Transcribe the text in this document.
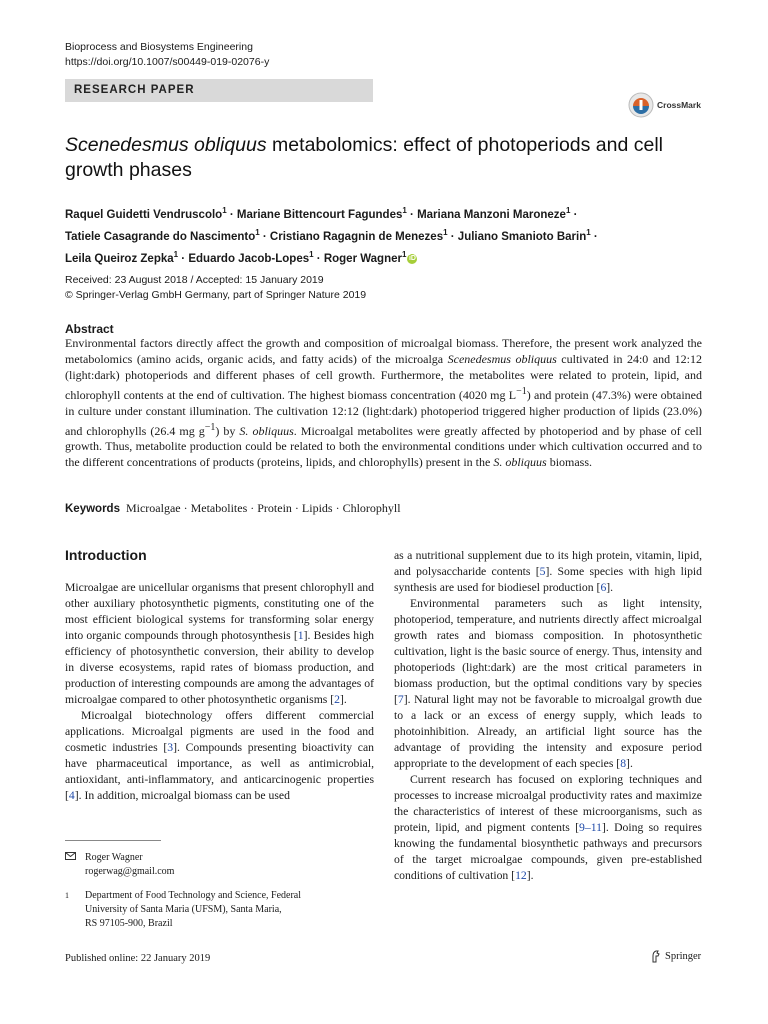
Bioprocess and Biosystems Engineering
https://doi.org/10.1007/s00449-019-02076-y
RESEARCH PAPER
CrossMark
Scenedesmus obliquus metabolomics: effect of photoperiods and cell growth phases
Raquel Guidetti Vendruscolo$^1$ · Mariane Bittencourt Fagundes$^1$ · Mariana Manzoni Maroneze$^1$ ·
Tatiele Casagrande do Nascimento$^1$ · Cristiano Ragagnin de Menezes$^1$ · Juliano Smanioto Barin$^1$ ·
Leila Queiroz Zepka$^1$ · Eduardo Jacob-Lopes$^1$ · Roger Wagner$^1$iD
Received: 23 August 2018 / Accepted: 15 January 2019
© Springer-Verlag GmbH Germany, part of Springer Nature 2019
Abstract
Environmental factors directly affect the growth and composition of microalgal biomass. Therefore, the present work analyzed the metabolomics (amino acids, organic acids, and fatty acids) of the microalga Scenedesmus obliquus cultivated in 24:0 and 12:12 (light:dark) photoperiods and different phases of cell growth. Furthermore, the metabolites were related to protein, lipid, and chlorophyll contents at the end of cultivation. The highest biomass concentration (4020 mg $L^{-1}$) and protein (47.3%) were obtained in culture under constant illumination. The cultivation 12:12 (light:dark) photoperiod triggered higher production of lipids (23.0%) and chlorophylls (26.4 mg $g^{-1}$) by S. obliquus. Microalgal metabolites were greatly affected by photoperiod and by phase of cell growth. Thus, metabolite production could be related to both the environmental conditions under which cultivation occurred and to the different concentrations of products (proteins, lipids, and chlorophylls) present in the S. obliquus biomass.
Keywords Microalgae · Metabolites · Protein · Lipids · Chlorophyll
Introduction

Microalgae are unicellular organisms that present chlorophyll and other auxiliary photosynthetic pigments, constituting one of the most efficient biological systems for transforming solar energy into organic compounds through photosynthesis [1]. Besides high efficiency of photosynthetic conversion, their ability to develop in diverse ecosystems, rapid rates of biomass production, and production of interesting compounds are among the advantages of microalgae compared to other photosynthetic organisms [2].

Microalgal biotechnology offers different commercial applications. Microalgal pigments are used in the food and cosmetic industries [3]. Compounds presenting bioactivity can have pharmaceutical importance, as well as antimicrobial, antioxidant, anti-inflammatory, and anticarcinogenic properties [4]. In addition, microalgal biomass can be used

as a nutritional supplement due to its high protein, vitamin, lipid, and polysaccharide contents [5]. Some species with high lipid synthesis are used for biodiesel production [6].

Environmental parameters such as light intensity, photoperiod, temperature, and nutrients directly affect microalgal growth rates and biomass composition. In photosynthetic cultivation, light is the basic source of energy. Thus, intensity and photoperiods (light:dark) are the most critical parameters in biomass production, but the optimal conditions vary by species [7]. Natural light may not be favorable to microalgal growth due to a lack or an excess of energy supply, which leads to photoinhibition. Already, an artificial light source has the advantage of providing the intensity and exposure period appropriate to the development of each species [8].

Current research has focused on exploring techniques and processes to increase microalgal productivity rates and maximize the characteristics of interest of these microorganisms, such as protein, lipid, and pigment contents [9–11]. Doing so requires knowing the fundamental biosynthetic pathways and precursors of the target microalgae compounds, given pre-established conditions of cultivation [12].

Roger Wagner
rogerwag@gmail.com
1	Department of Food Technology and Science, Federal
University of Santa Maria (UFSM), Santa Maria,
RS 97105-900, Brazil
Published online: 22 January 2019	Springer
